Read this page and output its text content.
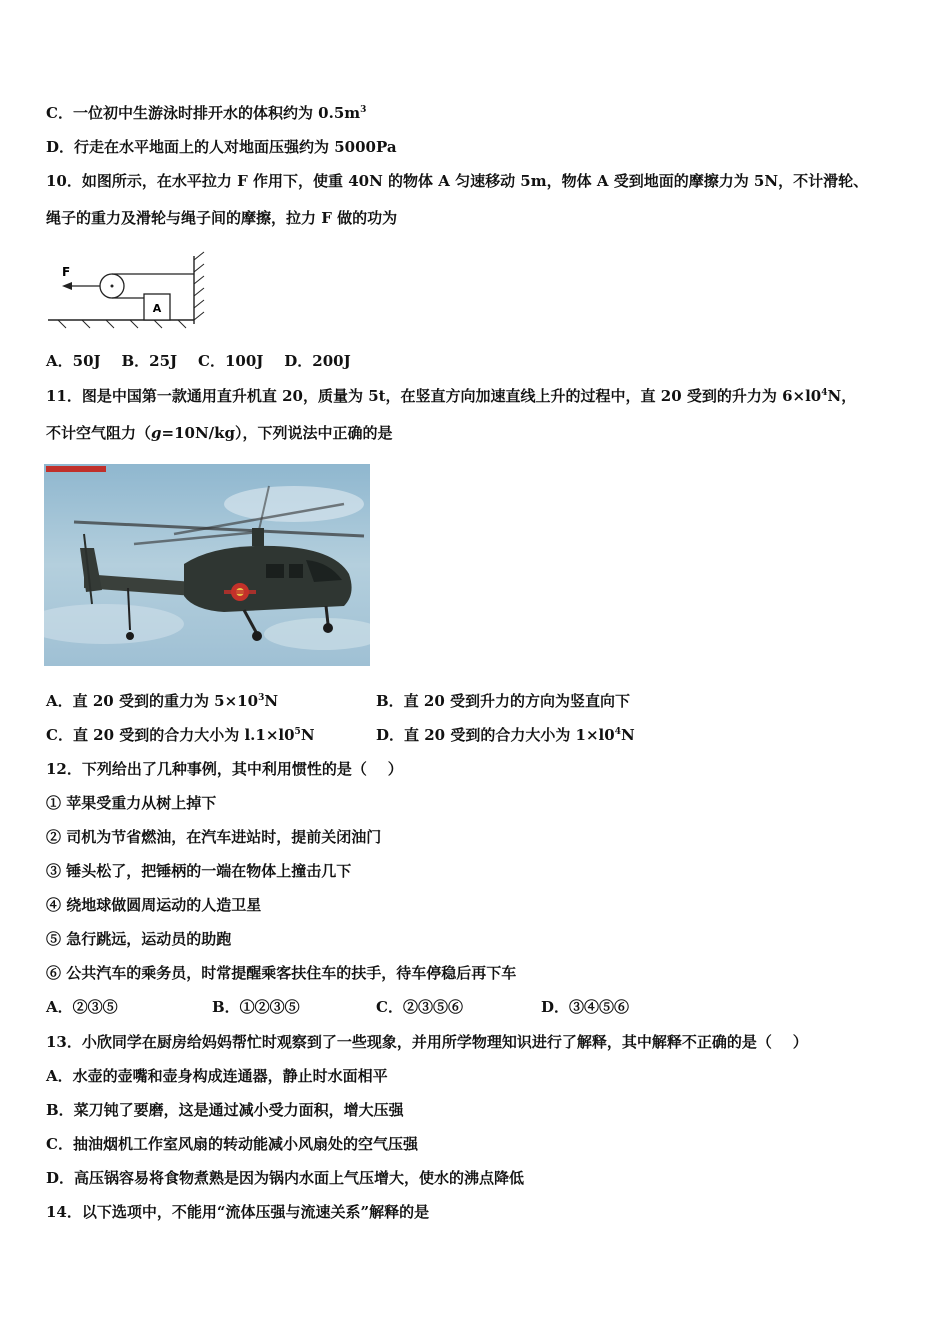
C．一位初中生游泳时排开水的体积约为 $0.5m^3$
D．行走在水平地面上的人对地面压强约为 5000Pa
10．如图所示，在水平拉力 F 作用下，使重 40N 的物体 A 匀速移动 5m，物体 A 受到地面的摩擦力为 5N，不计滑轮、
绳子的重力及滑轮与绳子间的摩擦，拉力 F 做的功为
A
F
A．50J    B．25J    C．100J    D．200J
11．图是中国第一款通用直升机直 20，质量为 5t，在竖直方向加速直线上升的过程中，直 20 受到的升力为 $6\times l0^4N$，
不计空气阻力（g=10N/kg），下列说法中正确的是
A．直 20 受到的重力为 $5\times 10^3N$	B．直 20 受到升力的方向为竖直向下
C．直 20 受到的合力大小为 $l.1\times l0^5N$	D．直 20 受到的合力大小为 $1\times l0^4N$
12．下列给出了几种事例，其中利用惯性的是（    ）
① 苹果受重力从树上掉下
② 司机为节省燃油，在汽车进站时，提前关闭油门
③ 锤头松了，把锤柄的一端在物体上撞击几下
④ 绕地球做圆周运动的人造卫星
⑤ 急行跳远，运动员的助跑
⑥ 公共汽车的乘务员，时常提醒乘客扶住车的扶手，待车停稳后再下车
A．②③⑤	B．①②③⑤	C．②③⑤⑥	D．③④⑤⑥
13．小欣同学在厨房给妈妈帮忙时观察到了一些现象，并用所学物理知识进行了解释，其中解释不正确的是（    ）
A．水壶的壶嘴和壶身构成连通器，静止时水面相平
B．菜刀钝了要磨，这是通过减小受力面积，增大压强
C．抽油烟机工作室风扇的转动能减小风扇处的空气压强
D．高压锅容易将食物煮熟是因为锅内水面上气压增大，使水的沸点降低
14．以下选项中，不能用“流体压强与流速关系”解释的是
